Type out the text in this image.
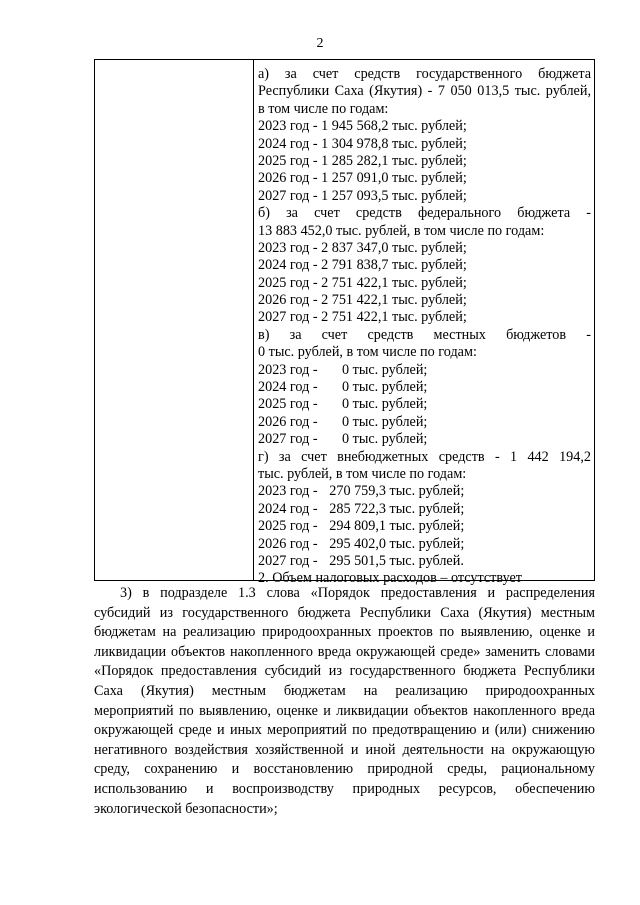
2
а) за счет средств государственного бюджета
Республики Саха (Якутия) - 7 050 013,5 тыс. рублей,
в том числе по годам:
2023 год - 1 945 568,2 тыс. рублей;
2024 год - 1 304 978,8 тыс. рублей;
2025 год - 1 285 282,1 тыс. рублей;
2026 год - 1 257 091,0 тыс. рублей;
2027 год - 1 257 093,5 тыс. рублей;
б) за счет средств федерального бюджета -
13 883 452,0 тыс. рублей, в том числе по годам:
2023 год - 2 837 347,0 тыс. рублей;
2024 год - 2 791 838,7 тыс. рублей;
2025 год - 2 751 422,1 тыс. рублей;
2026 год - 2 751 422,1 тыс. рублей;
2027 год - 2 751 422,1 тыс. рублей;
в) за счет средств местных бюджетов -
0 тыс. рублей, в том числе по годам:
2023 год - 0 тыс. рублей;
2024 год - 0 тыс. рублей;
2025 год - 0 тыс. рублей;
2026 год - 0 тыс. рублей;
2027 год - 0 тыс. рублей;
г) за счет внебюджетных средств - 1 442 194,2
тыс. рублей, в том числе по годам:
2023 год - 270 759,3 тыс. рублей;
2024 год - 285 722,3 тыс. рублей;
2025 год - 294 809,1 тыс. рублей;
2026 год - 295 402,0 тыс. рублей;
2027 год - 295 501,5 тыс. рублей.
2. Объем налоговых расходов – отсутствует

3) в подразделе 1.3 слова «Порядок предоставления и распределения
субсидий из государственного бюджета Республики Саха (Якутия) местным
бюджетам на реализацию природоохранных проектов по выявлению, оценке и
ликвидации объектов накопленного вреда окружающей среде» заменить словами
«Порядок предоставления субсидий из государственного бюджета Республики
Саха (Якутия) местным бюджетам на реализацию природоохранных
мероприятий по выявлению, оценке и ликвидации объектов накопленного вреда
окружающей среде и иных мероприятий по предотвращению и (или) снижению
негативного воздействия хозяйственной и иной деятельности на окружающую
среду, сохранению и восстановлению природной среды, рациональному
использованию и воспроизводству природных ресурсов, обеспечению
экологической безопасности»;
